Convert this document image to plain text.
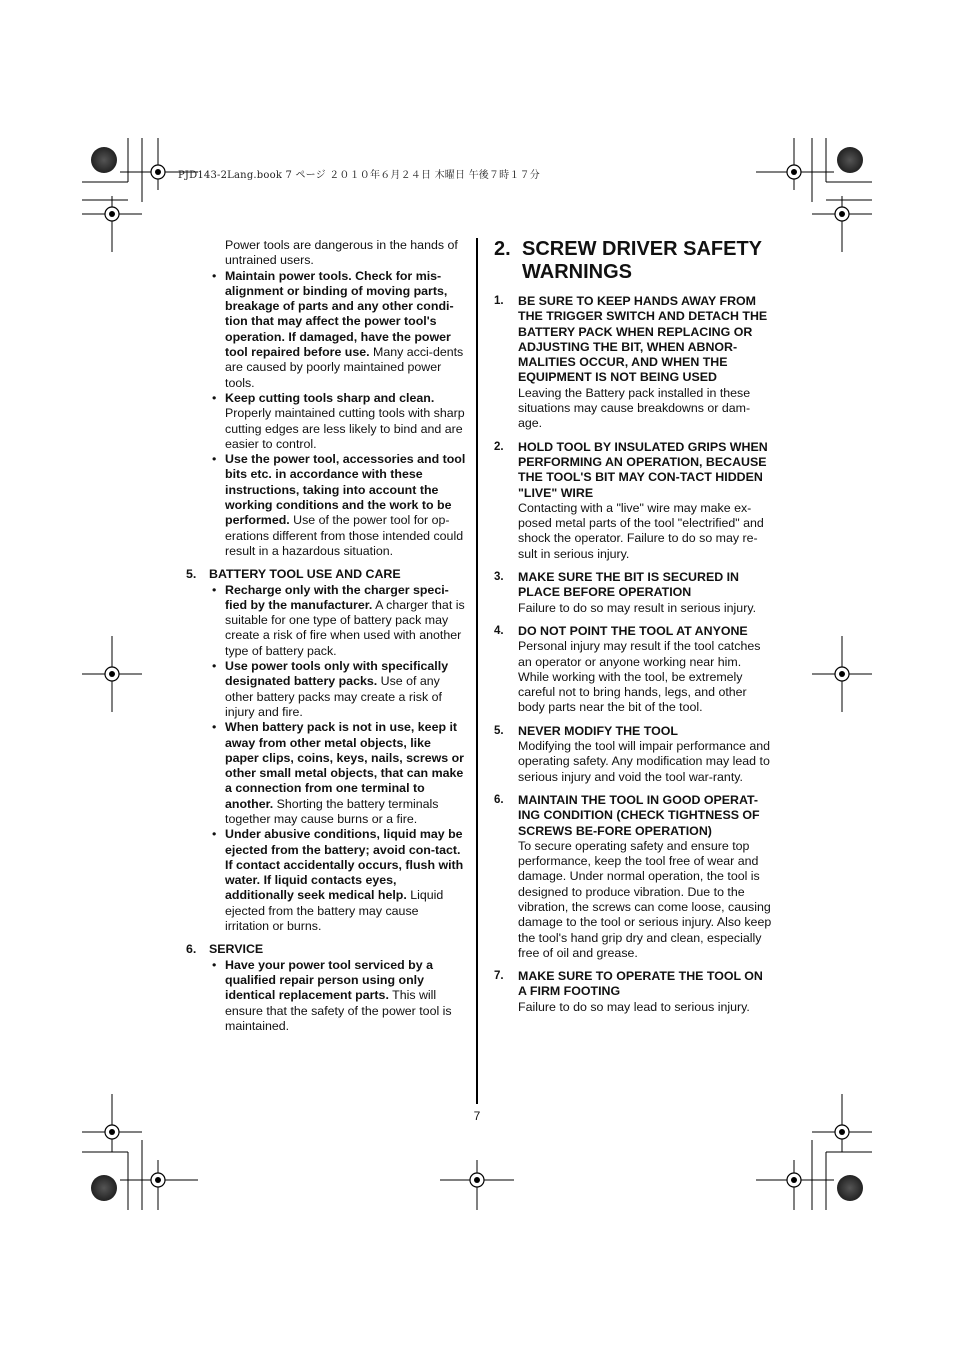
PJD143-2Lang.book 7 ページ ２０１０年６月２４日 木曜日 午後７時１７分

Power tools are dangerous in the hands of untrained users.

• Maintain power tools. Check for mis-alignment or binding of moving parts, breakage of parts and any other condi-tion that may affect the power tool's operation. If damaged, have the power tool repaired before use. Many acci-dents are caused by poorly maintained power tools.
• Keep cutting tools sharp and clean. Properly maintained cutting tools with sharp cutting edges are less likely to bind and are easier to control.
• Use the power tool, accessories and tool bits etc. in accordance with these instructions, taking into account the working conditions and the work to be performed. Use of the power tool for op-erations different from those intended could result in a hazardous situation.
5.	BATTERY TOOL USE AND CARE
• Recharge only with the charger speci-fied by the manufacturer. A charger that is suitable for one type of battery pack may create a risk of fire when used with another type of battery pack.
• Use power tools only with specifically designated battery packs. Use of any other battery packs may create a risk of injury and fire.
• When battery pack is not in use, keep it away from other metal objects, like paper clips, coins, keys, nails, screws or other small metal objects, that can make a connection from one terminal to another. Shorting the battery terminals together may cause burns or a fire.
• Under abusive conditions, liquid may be ejected from the battery; avoid con-tact. If contact accidentally occurs, flush with water. If liquid contacts eyes, additionally seek medical help. Liquid ejected from the battery may cause irritation or burns.
6.	SERVICE
• Have your power tool serviced by a qualified repair person using only identical replacement parts. This will ensure that the safety of the power tool is maintained.
2. SCREW DRIVER SAFETY WARNINGS
1.	BE SURE TO KEEP HANDS AWAY FROM THE TRIGGER SWITCH AND DETACH THE BATTERY PACK WHEN REPLACING OR ADJUSTING THE BIT, WHEN ABNOR-MALITIES OCCUR, AND WHEN THE EQUIPMENT IS NOT BEING USED
Leaving the Battery pack installed in these situations may cause breakdowns or dam-age.
2.	HOLD TOOL BY INSULATED GRIPS WHEN PERFORMING AN OPERATION, BECAUSE THE TOOL'S BIT MAY CON-TACT HIDDEN "LIVE" WIRE
Contacting with a "live" wire may make ex-posed metal parts of the tool "electrified" and shock the operator. Failure to do so may re-sult in serious injury.
3.	MAKE SURE THE BIT IS SECURED IN PLACE BEFORE OPERATION
Failure to do so may result in serious injury.
4.	DO NOT POINT THE TOOL AT ANYONE
Personal injury may result if the tool catches an operator or anyone working near him. While working with the tool, be extremely careful not to bring hands, legs, and other body parts near the bit of the tool.
5.	NEVER MODIFY THE TOOL
Modifying the tool will impair performance and operating safety. Any modification may lead to serious injury and void the tool war-ranty.
6.	MAINTAIN THE TOOL IN GOOD OPERAT-ING CONDITION (CHECK TIGHTNESS OF SCREWS BE-FORE OPERATION)
To secure operating safety and ensure top performance, keep the tool free of wear and damage. Under normal operation, the tool is designed to produce vibration. Due to the vibration, the screws can come loose, causing damage to the tool or serious injury. Also keep the tool's hand grip dry and clean, especially free of oil and grease.
7.	MAKE SURE TO OPERATE THE TOOL ON A FIRM FOOTING
Failure to do so may lead to serious injury.
7
